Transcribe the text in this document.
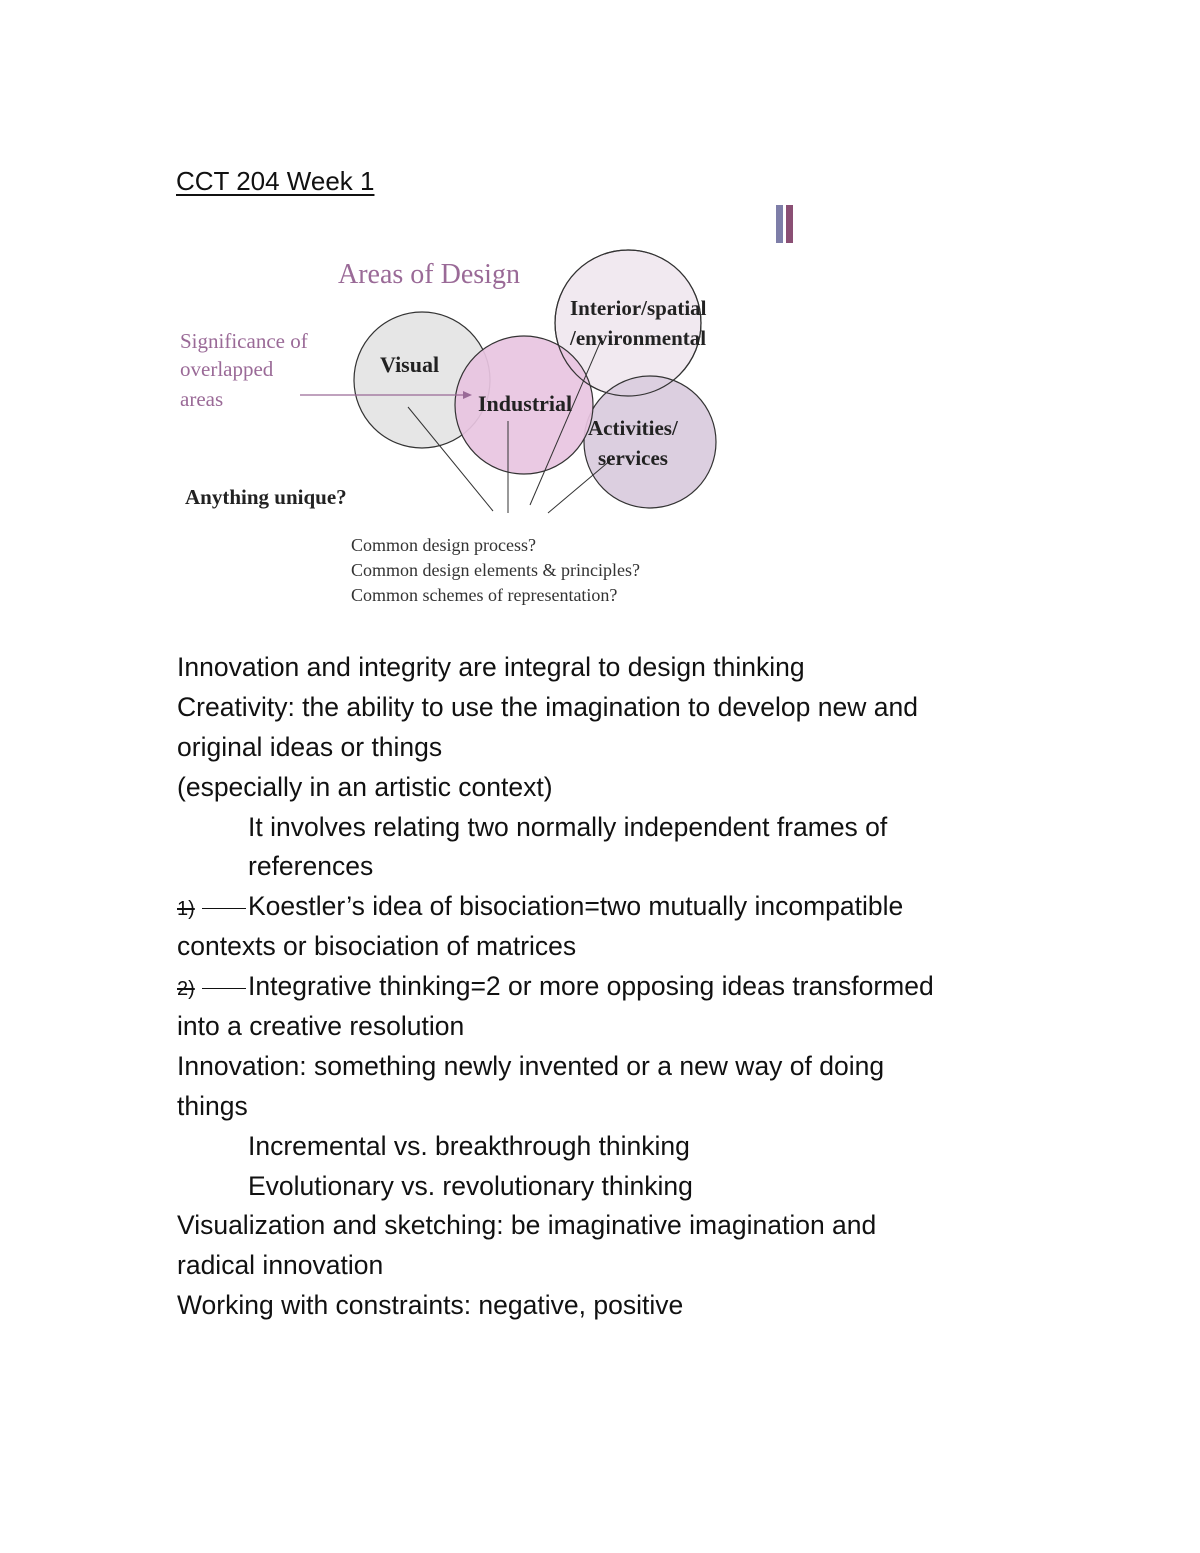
CCT 204 Week 1
Areas of Design
Significance of
overlapped
areas
Visual
Industrial
Interior/spatial
/environmental
Activities/
services
Anything unique?
Common design process?
Common design elements & principles?
Common schemes of representation?
Innovation and integrity are integral to design thinking
Creativity: the ability to use the imagination to develop new and
original ideas or things
(especially in an artistic context)
It involves relating two normally independent frames of
references
1) Koestler’s idea of bisociation=two mutually incompatible
contexts or bisociation of matrices
2) Integrative thinking=2 or more opposing ideas transformed
into a creative resolution
Innovation: something newly invented or a new way of doing
things
Incremental vs. breakthrough thinking
Evolutionary vs. revolutionary thinking
Visualization and sketching: be imaginative imagination and
radical innovation
Working with constraints: negative, positive
